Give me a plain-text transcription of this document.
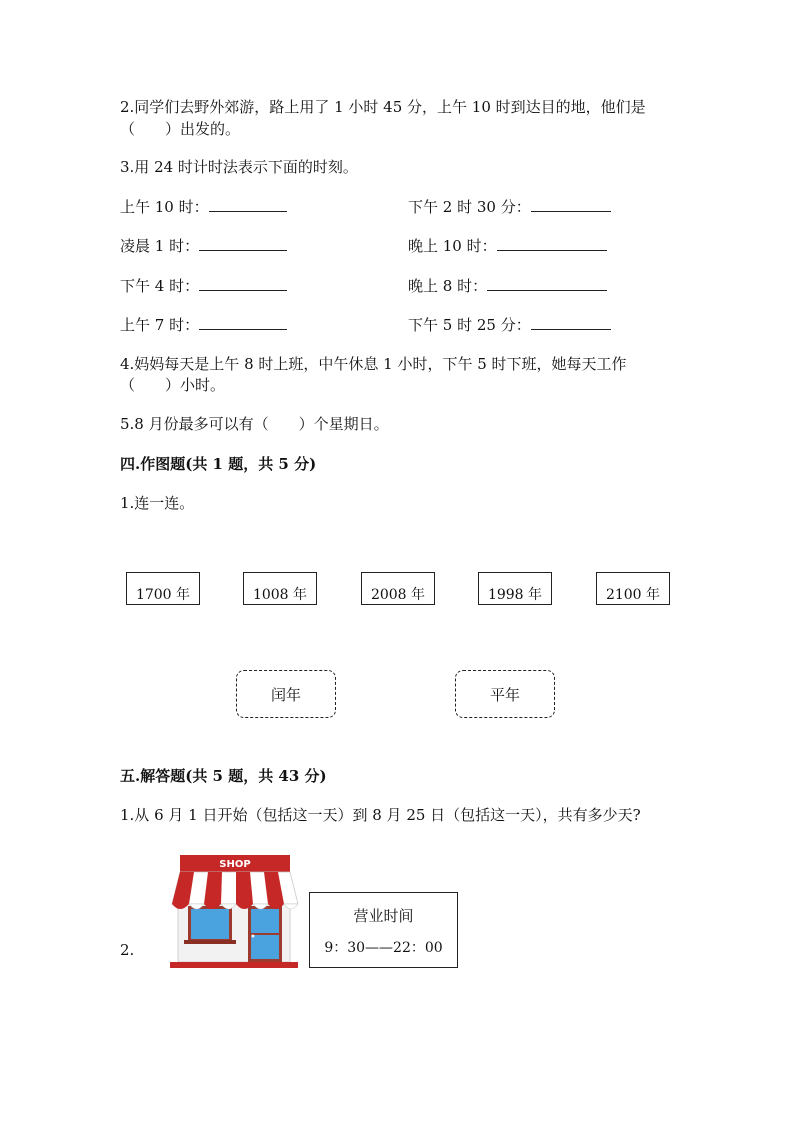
2.同学们去野外郊游，路上用了 1 小时 45 分，上午 10 时到达目的地，他们是
（　　）出发的。
3.用 24 时计时法表示下面的时刻。
上午 10 时：	下午 2 时 30 分：
凌晨 1 时：	晚上 10 时：
下午 4 时：	晚上 8 时：
上午 7 时：	下午 5 时 25 分：
4.妈妈每天是上午 8 时上班，中午休息 1 小时，下午 5 时下班，她每天工作
（　　）小时。
5.8 月份最多可以有（　　）个星期日。
四.作图题(共 1 题，共 5 分)
1.连一连。
1700 年	1008 年	2008 年	1998 年	2100 年
闰年	平年
五.解答题(共 5 题，共 43 分)
1.从 6 月 1 日开始（包括这一天）到 8 月 25 日（包括这一天），共有多少天?
2.
SHOP
营业时间
9：30——22：00
